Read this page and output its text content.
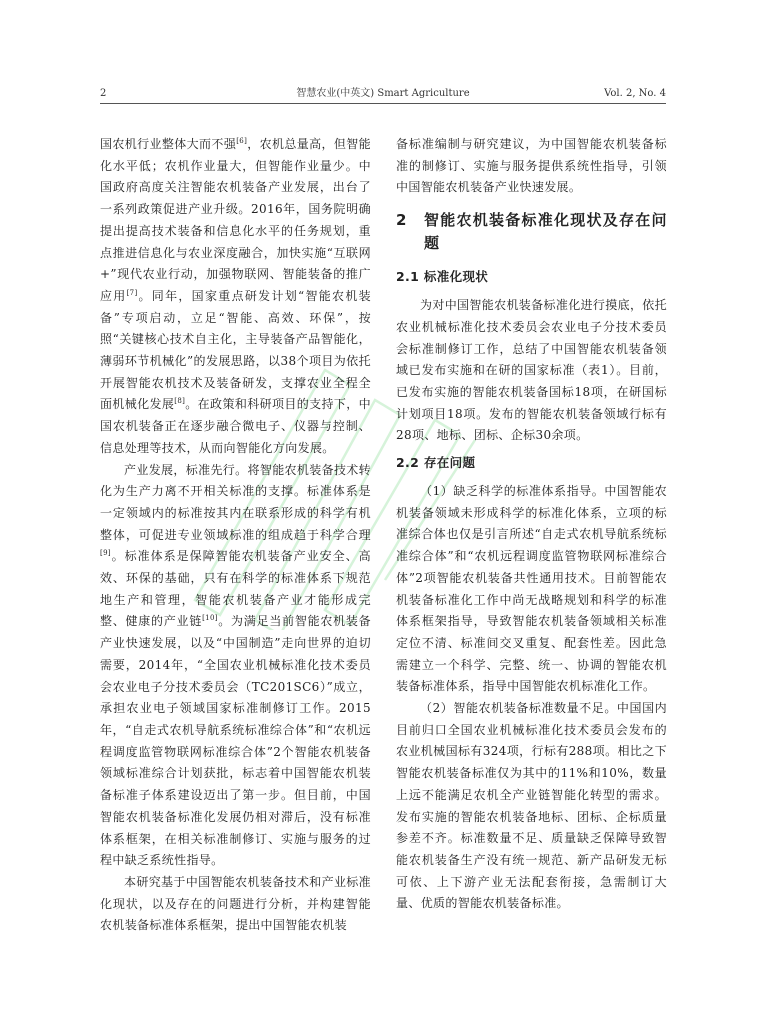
2	智慧农业(中英文) Smart Agriculture	Vol. 2, No. 4

国农机行业整体大而不强[6]，农机总量高，但智能化水平低；农机作业量大，但智能作业量少。中国政府高度关注智能农机装备产业发展，出台了一系列政策促进产业升级。2016年，国务院明确提出提高技术装备和信息化水平的任务规划，重点推进信息化与农业深度融合，加快实施“互联网+”现代农业行动，加强物联网、智能装备的推广应用[7]。同年，国家重点研发计划“智能农机装备”专项启动，立足“智能、高效、环保”，按照“关键核心技术自主化，主导装备产品智能化，薄弱环节机械化”的发展思路，以38个项目为依托开展智能农机技术及装备研发，支撑农业全程全面机械化发展[8]。在政策和科研项目的支持下，中国农机装备正在逐步融合微电子、仪器与控制、信息处理等技术，从而向智能化方向发展。

产业发展，标准先行。将智能农机装备技术转化为生产力离不开相关标准的支撑。标准体系是一定领域内的标准按其内在联系形成的科学有机整体，可促进专业领域标准的组成趋于科学合理[9]。标准体系是保障智能农机装备产业安全、高效、环保的基础，只有在科学的标准体系下规范地生产和管理，智能农机装备产业才能形成完整、健康的产业链[10]。为满足当前智能农机装备产业快速发展，以及“中国制造”走向世界的迫切需要，2014年，“全国农业机械标准化技术委员会农业电子分技术委员会（TC201SC6）”成立，承担农业电子领域国家标准制修订工作。2015年，“自走式农机导航系统标准综合体”和“农机远程调度监管物联网标准综合体”2个智能农机装备领域标准综合计划获批，标志着中国智能农机装备标准子体系建设迈出了第一步。但目前，中国智能农机装备标准化发展仍相对滞后，没有标准体系框架，在相关标准制修订、实施与服务的过程中缺乏系统性指导。

本研究基于中国智能农机装备技术和产业标准化现状，以及存在的问题进行分析，并构建智能农机装备标准体系框架，提出中国智能农机装

备标准编制与研究建议，为中国智能农机装备标准的制修订、实施与服务提供系统性指导，引领中国智能农机装备产业快速发展。

2	智能农机装备标准化现状及存在问题
2.1 标准化现状

为对中国智能农机装备标准化进行摸底，依托农业机械标准化技术委员会农业电子分技术委员会标准制修订工作，总结了中国智能农机装备领域已发布实施和在研的国家标准（表1）。目前，已发布实施的智能农机装备国标18项，在研国标计划项目18项。发布的智能农机装备领域行标有28项、地标、团标、企标30余项。

2.2 存在问题

（1）缺乏科学的标准体系指导。中国智能农机装备领域未形成科学的标准化体系，立项的标准综合体也仅是引言所述“自走式农机导航系统标准综合体”和“农机远程调度监管物联网标准综合体”2项智能农机装备共性通用技术。目前智能农机装备标准化工作中尚无战略规划和科学的标准体系框架指导，导致智能农机装备领域相关标准定位不清、标准间交叉重复、配套性差。因此急需建立一个科学、完整、统一、协调的智能农机装备标准体系，指导中国智能农机标准化工作。

（2）智能农机装备标准数量不足。中国国内目前归口全国农业机械标准化技术委员会发布的农业机械国标有324项，行标有288项。相比之下智能农机装备标准仅为其中的11%和10%，数量上远不能满足农机全产业链智能化转型的需求。发布实施的智能农机装备地标、团标、企标质量参差不齐。标准数量不足、质量缺乏保障导致智能农机装备生产没有统一规范、新产品研发无标可依、上下游产业无法配套衔接，急需制订大量、优质的智能农机装备标准。
